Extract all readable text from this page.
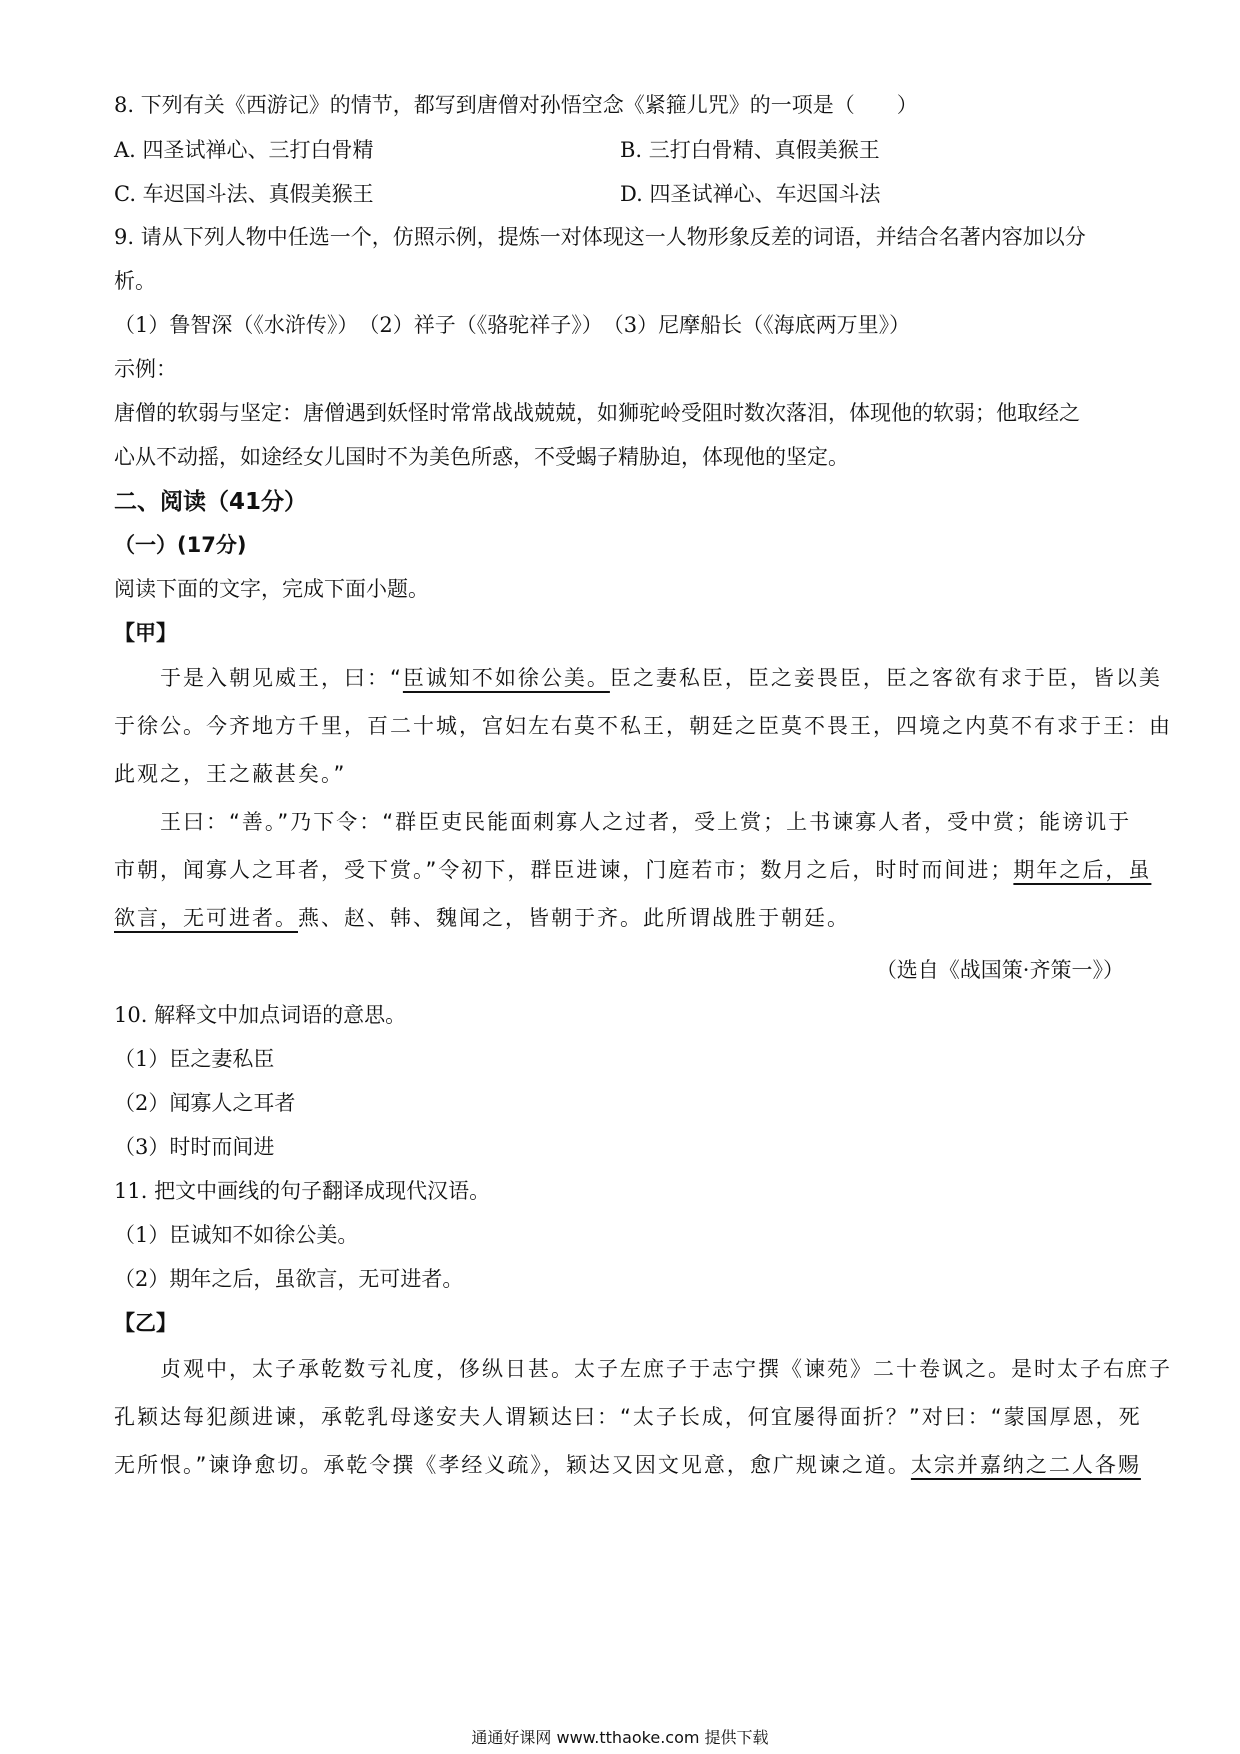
8. 下列有关《西游记》的情节，都写到唐僧对孙悟空念《紧箍儿咒》的一项是（　　）
A. 四圣试禅心、三打白骨精	B. 三打白骨精、真假美猴王
C. 车迟国斗法、真假美猴王	D. 四圣试禅心、车迟国斗法
9. 请从下列人物中任选一个，仿照示例，提炼一对体现这一人物形象反差的词语，并结合名著内容加以分
析。
（1）鲁智深（《水浒传》）　（2）祥子（《骆驼祥子》）　（3）尼摩船长（《海底两万里》）
示例：
唐僧的软弱与坚定：唐僧遇到妖怪时常常战战兢兢，如狮驼岭受阻时数次落泪，体现他的软弱；他取经之
心从不动摇，如途经女儿国时不为美色所惑，不受蝎子精胁迫，体现他的坚定。
二、阅读（41分）
（一）(17分)
阅读下面的文字，完成下面小题。
【甲】
于是入朝见威王，曰：“臣诚知不如徐公美。臣之妻私臣，臣之妾畏臣，臣之客欲有求于臣，皆以美
于徐公。今齐地方千里，百二十城，宫妇左右莫不私王，朝廷之臣莫不畏王，四境之内莫不有求于王：由
此观之，王之蔽甚矣。”
王曰：“善。”乃下令：“群臣吏民能面刺寡人之过者，受上赏；上书谏寡人者，受中赏；能谤讥于
市朝，闻寡人之耳者，受下赏。”令初下，群臣进谏，门庭若市；数月之后，时时而间进；期年之后，虽
欲言，无可进者。燕、赵、韩、魏闻之，皆朝于齐。此所谓战胜于朝廷。
（选自《战国策·齐策一》）
10. 解释文中加点词语的意思。
（1）臣之妻私臣
（2）闻寡人之耳者
（3）时时而间进
11. 把文中画线的句子翻译成现代汉语。
（1）臣诚知不如徐公美。
（2）期年之后，虽欲言，无可进者。
【乙】
贞观中，太子承乾数亏礼度，侈纵日甚。太子左庶子于志宁撰《谏苑》二十卷讽之。是时太子右庶子
孔颖达每犯颜进谏，承乾乳母遂安夫人谓颖达曰：“太子长成，何宜屡得面折？”对曰：“蒙国厚恩，死
无所恨。”谏诤愈切。承乾令撰《孝经义疏》，颖达又因文见意，愈广规谏之道。太宗并嘉纳之二人各赐
通通好课网 www.tthaoke.com 提供下载
